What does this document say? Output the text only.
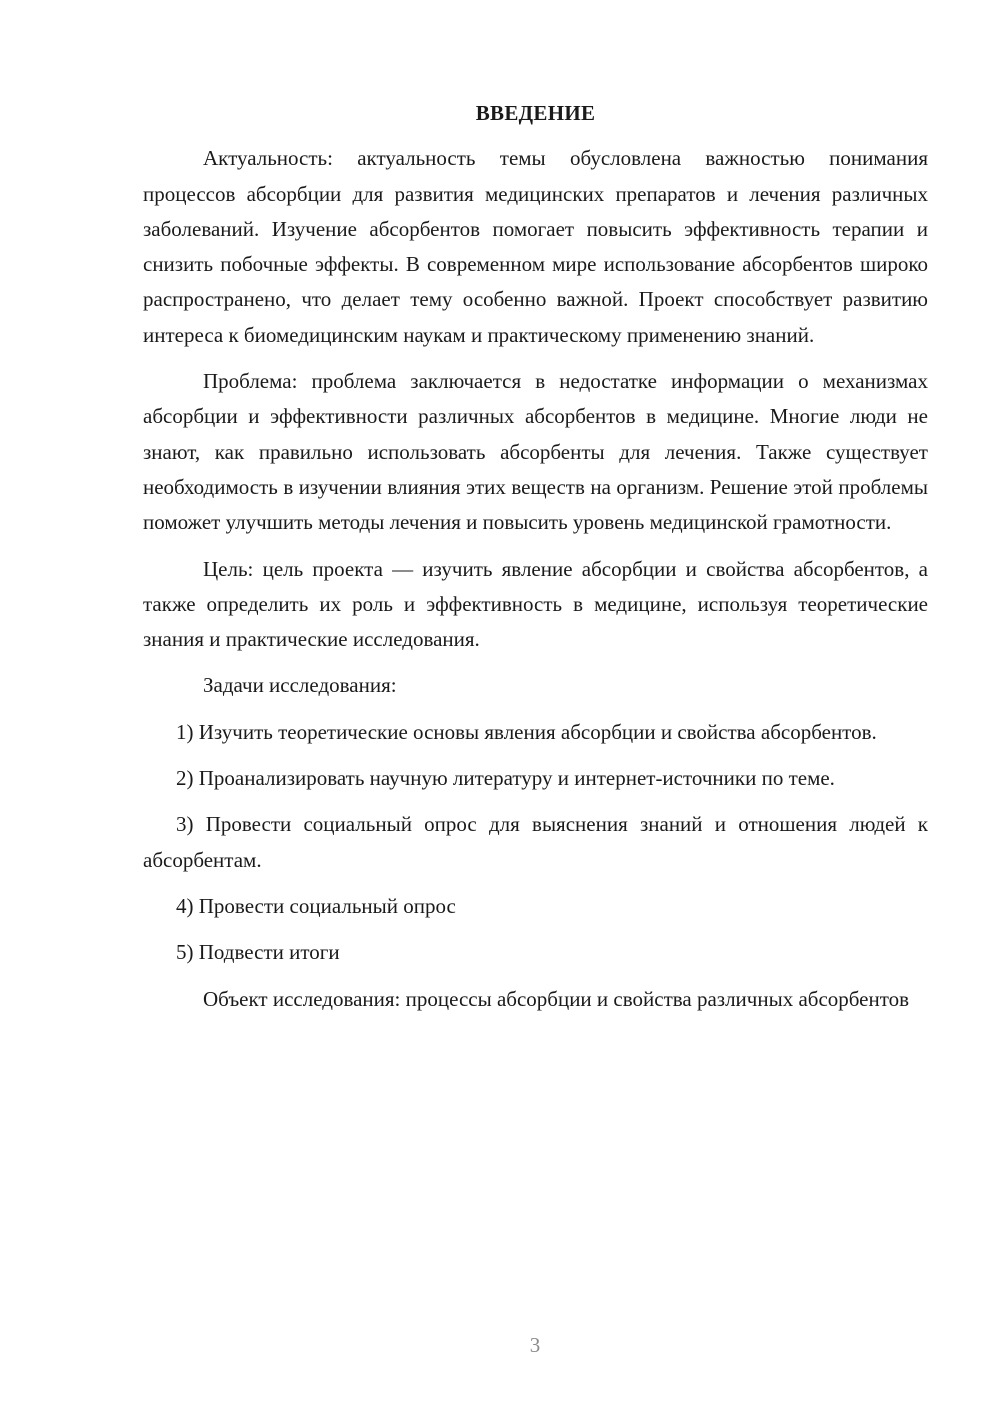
ВВЕДЕНИЕ

Актуальность: актуальность темы обусловлена важностью понимания процессов абсорбции для развития медицинских препаратов и лечения различных заболеваний. Изучение абсорбентов помогает повысить эффективность терапии и снизить побочные эффекты. В современном мире использование абсорбентов широко распространено, что делает тему особенно важной. Проект способствует развитию интереса к биомедицинским наукам и практическому применению знаний.

Проблема: проблема заключается в недостатке информации о механизмах абсорбции и эффективности различных абсорбентов в медицине. Многие люди не знают, как правильно использовать абсорбенты для лечения. Также существует необходимость в изучении влияния этих веществ на организм. Решение этой проблемы поможет улучшить методы лечения и повысить уровень медицинской грамотности.

Цель: цель проекта — изучить явление абсорбции и свойства абсорбентов, а также определить их роль и эффективность в медицине, используя теоретические знания и практические исследования.

Задачи исследования:

1) Изучить теоретические основы явления абсорбции и свойства абсорбентов.

2) Проанализировать научную литературу и интернет-источники по теме.

3) Провести социальный опрос для выяснения знаний и отношения людей к абсорбентам.

4) Провести социальный опрос

5) Подвести итоги

Объект исследования: процессы абсорбции и свойства различных абсорбентов

3
